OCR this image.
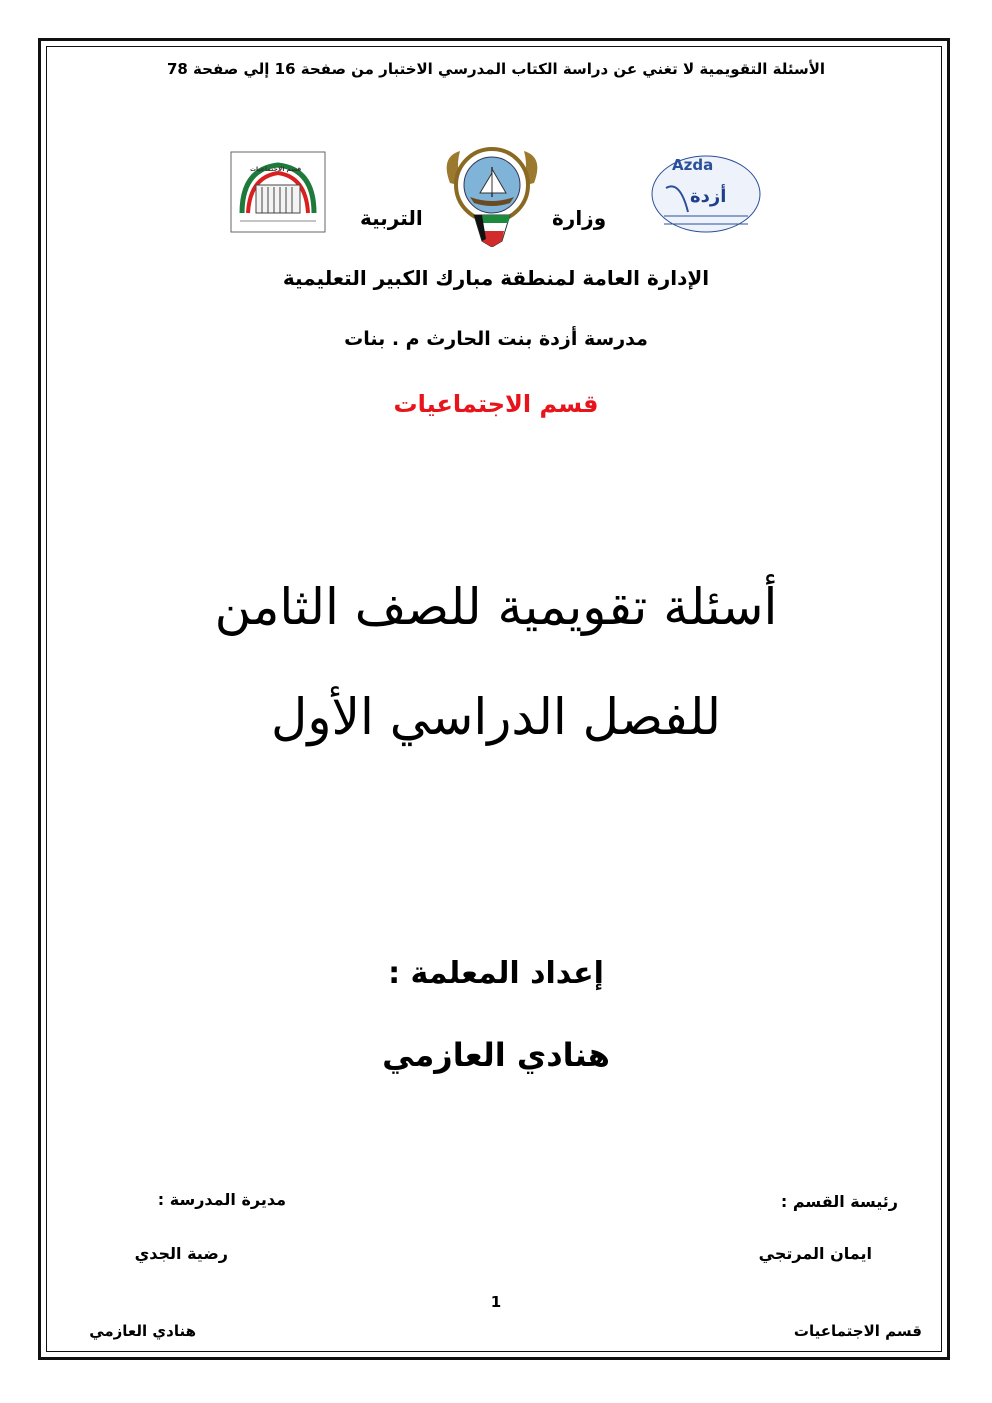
الأسئلة التقويمية لا تغني عن دراسة الكتاب المدرسي الاختبار من صفحة 16 إلي صفحة 78
قسم الاجتماعيات	Azda
أزدة
التربية	وزارة
الإدارة العامة لمنطقة مبارك الكبير التعليمية
مدرسة أزدة بنت الحارث م . بنات
قسم الاجتماعيات
أسئلة تقويمية للصف الثامن
للفصل الدراسي الأول
إعداد المعلمة :
هنادي العازمي
رئيسة القسم :
ايمان المرتجي
مديرة المدرسة :
رضية الجدي
1
قسم الاجتماعيات
هنادي العازمي
